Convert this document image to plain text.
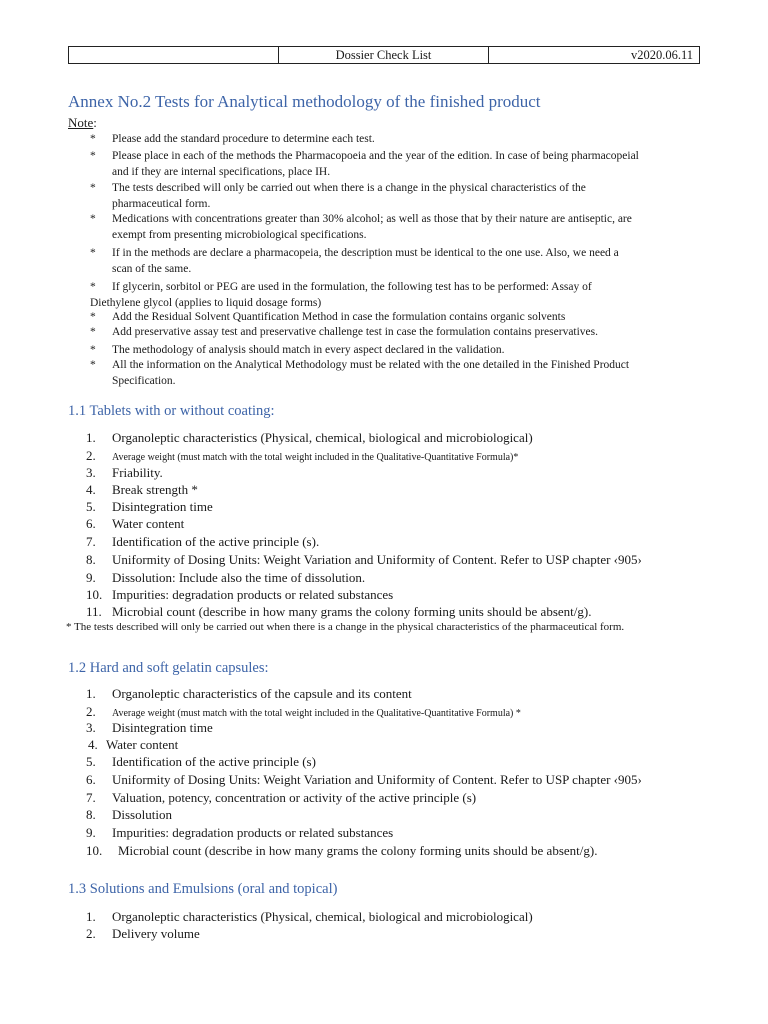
Dossier Check List	v2020.06.11
Annex No.2 Tests for Analytical methodology of the finished product
Note:
* Please add the standard procedure to determine each test.
* Please place in each of the methods the Pharmacopoeia and the year of the edition. In case of being pharmacopeial
and if they are internal specifications, place IH.
* The tests described will only be carried out when there is a change in the physical characteristics of the
pharmaceutical form.
* Medications with concentrations greater than 30% alcohol; as well as those that by their nature are antiseptic, are
exempt from presenting microbiological specifications.
* If in the methods are declare a pharmacopeia, the description must be identical to the one use. Also, we need a
scan of the same.
* If glycerin, sorbitol or PEG are used in the formulation, the following test has to be performed: Assay of
Diethylene glycol (applies to liquid dosage forms)
* Add the Residual Solvent Quantification Method in case the formulation contains organic solvents
* Add preservative assay test and preservative challenge test in case the formulation contains preservatives.
* The methodology of analysis should match in every aspect declared in the validation.
* All the information on the Analytical Methodology must be related with the one detailed in the Finished Product
Specification.
1.1 Tablets with or without coating:
1. Organoleptic characteristics (Physical, chemical, biological and microbiological)
2. Average weight (must match with the total weight included in the Qualitative-Quantitative Formula)*
3. Friability.
4. Break strength *
5. Disintegration time
6. Water content
7. Identification of the active principle (s).
8. Uniformity of Dosing Units: Weight Variation and Uniformity of Content. Refer to USP chapter ‹905›
9. Dissolution: Include also the time of dissolution.
10. Impurities: degradation products or related substances
11. Microbial count (describe in how many grams the colony forming units should be absent/g).
* The tests described will only be carried out when there is a change in the physical characteristics of the pharmaceutical form.
1.2 Hard and soft gelatin capsules:
1. Organoleptic characteristics of the capsule and its content
2. Average weight (must match with the total weight included in the Qualitative-Quantitative Formula) *
3. Disintegration time
4. Water content
5. Identification of the active principle (s)
6. Uniformity of Dosing Units: Weight Variation and Uniformity of Content. Refer to USP chapter ‹905›
7. Valuation, potency, concentration or activity of the active principle (s)
8. Dissolution
9. Impurities: degradation products or related substances
10. Microbial count (describe in how many grams the colony forming units should be absent/g).
1.3 Solutions and Emulsions (oral and topical)
1. Organoleptic characteristics (Physical, chemical, biological and microbiological)
2. Delivery volume
